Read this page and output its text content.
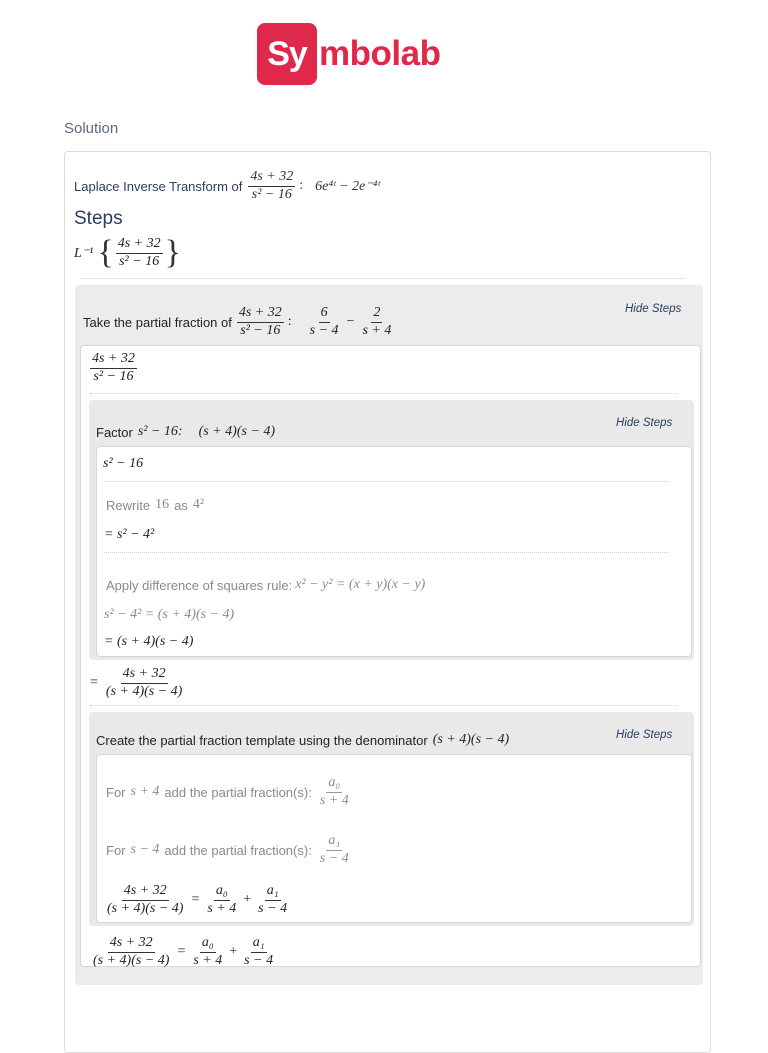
Sy mbolab
Solution
Laplace Inverse Transform of $\frac{4s + 32}{\text{s² − 16}}$ : 6e⁴ᵗ − 2e⁻⁴ᵗ
Steps
L⁻¹ { $\frac{4s + 32}{\text{s² − 16}}$ }
Take the partial fraction of $\frac{4s + 32}{\text{s² − 16}}$ : $\frac{6}{s - 4} - \frac{2}{s + 4}$	Hide Steps
$\frac{4s + 32}{\text{s² − 16}}$
Factor s² − 16: (s + 4)(s − 4)
Hide Steps
s² − 16
Rewrite 16 as 4²
= s² − 4²
Apply difference of squares rule: x² − y² = (x + y)(x − y)
s² − 4² = (s + 4)(s − 4)
= (s + 4)(s − 4)
= $\frac{4s + 32}{(s + 4)(s - 4)}$
Create the partial fraction template using the denominator (s + 4)(s − 4)	Hide Steps
For s + 4 add the partial fraction(s): $\frac{\text{a₀}}{s + 4}$
For s − 4 add the partial fraction(s): $\frac{\text{a₁}}{s - 4}$
$\frac{4s + 32}{(s + 4)(s - 4)} = \frac{\text{a₀}}{s + 4} + \frac{\text{a₁}}{s - 4}$
$\frac{4s + 32}{(s + 4)(s - 4)} = \frac{\text{a₀}}{s + 4} + \frac{\text{a₁}}{s - 4}$
